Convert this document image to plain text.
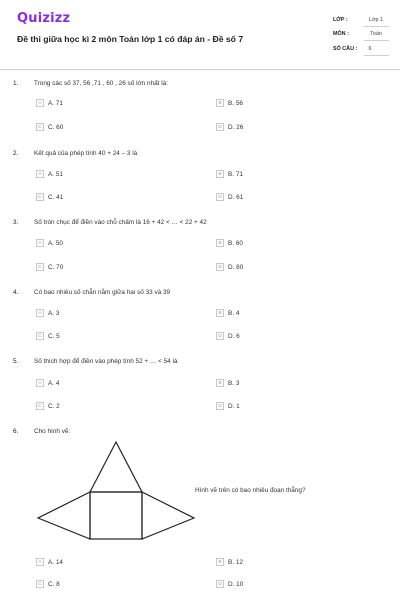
Quizizz
Đề thi giữa học kì 2 môn Toán lớp 1 có đáp án - Đề số 7
LỚP :	Lớp 1
MÔN :	Toán
SỐ CÂU :	6
1. Trong các số 37, 56 ,71 , 60 , 26 số lớn nhất là:
A	A. 71	B	B. 56
C C. 60	D D. 26
2. Kết quả của phép tính 40 + 24 – 3 là
A	A. 51	B	B. 71
C C. 41	D D. 61
3. Số tròn chục để điền vào chỗ chấm là 16 + 42 < … < 22 + 42
A	A. 50	B	B. 60
C C. 70	D D. 80
4. Có bao nhiêu số chẵn nằm giữa hai số 33 và 39
A	A. 3	B	B. 4
C C. 5	D D. 6
5. Số thích hợp để điền vào phép tính 52 + … < 54 là
A	A. 4	B	B. 3
C C. 2	D D. 1
6. Cho hình vẽ:
Hình vẽ trên có bao nhiêu đoạn thẳng?
A	A. 14	B	B. 12
C C. 8	D D. 10
